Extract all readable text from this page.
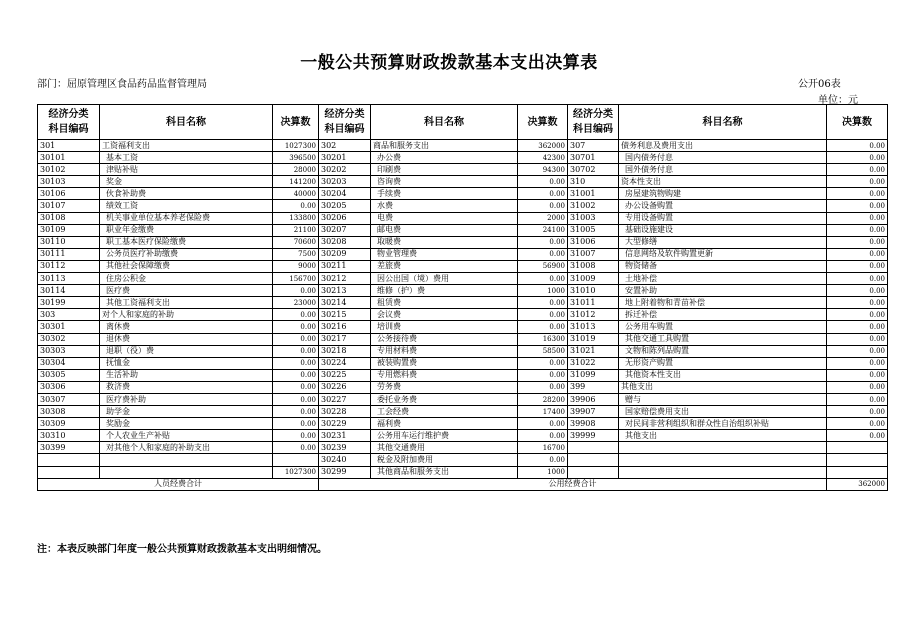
一般公共预算财政拨款基本支出决算表
部门：屈原管理区食品药品监督管理局	公开06表
单位：元
经济分类
科目编码	科目名称	决算数	经济分类
科目编码	科目名称	决算数	经济分类
科目编码	科目名称	决算数
301	工资福利支出	1027300	302	商品和服务支出	362000	307	债务利息及费用支出	0.00
30101	基本工资	396500	30201	办公费	42300	30701	国内债务付息	0.00
30102	津贴补贴	28000	30202	印刷费	94300	30702	国外债务付息	0.00
30103	奖金	141200	30203	咨询费	0.00	310	资本性支出	0.00
30106	伙食补助费	40000	30204	手续费	0.00	31001	房屋建筑物购建	0.00
30107	绩效工资	0.00	30205	水费	0.00	31002	办公设备购置	0.00
30108	机关事业单位基本养老保险费	133800	30206	电费	2000	31003	专用设备购置	0.00
30109	职业年金缴费	21100	30207	邮电费	24100	31005	基础设施建设	0.00
30110	职工基本医疗保险缴费	70600	30208	取暖费	0.00	31006	大型修缮	0.00
30111	公务员医疗补助缴费	7500	30209	物业管理费	0.00	31007	信息网络及软件购置更新	0.00
30112	其他社会保障缴费	9000	30211	差旅费	56900	31008	物资储备	0.00
30113	住房公积金	156700	30212	因公出国（境）费用	0.00	31009	土地补偿	0.00
30114	医疗费	0.00	30213	维修（护）费	1000	31010	安置补助	0.00
30199	其他工资福利支出	23000	30214	租赁费	0.00	31011	地上附着物和青苗补偿	0.00
303	对个人和家庭的补助	0.00	30215	会议费	0.00	31012	拆迁补偿	0.00
30301	离休费	0.00	30216	培训费	0.00	31013	公务用车购置	0.00
30302	退休费	0.00	30217	公务接待费	16300	31019	其他交通工具购置	0.00
30303	退职（役）费	0.00	30218	专用材料费	58500	31021	文物和陈列品购置	0.00
30304	抚恤金	0.00	30224	被装购置费	0.00	31022	无形资产购置	0.00
30305	生活补助	0.00	30225	专用燃料费	0.00	31099	其他资本性支出	0.00
30306	救济费	0.00	30226	劳务费	0.00	399	其他支出	0.00
30307	医疗费补助	0.00	30227	委托业务费	28200	39906	赠与	0.00
30308	助学金	0.00	30228	工会经费	17400	39907	国家赔偿费用支出	0.00
30309	奖励金	0.00	30229	福利费	0.00	39908	对民间非营利组织和群众性自治组织补贴	0.00
30310	个人农业生产补贴	0.00	30231	公务用车运行维护费	0.00	39999	其他支出	0.00
30399	对其他个人和家庭的补助支出	0.00	30239	其他交通费用	16700			
			30240	税金及附加费用	0.00			
		1027300	30299	其他商品和服务支出	1000			
人员经费合计			公用经费合计					362000
注：本表反映部门年度一般公共预算财政拨款基本支出明细情况。
